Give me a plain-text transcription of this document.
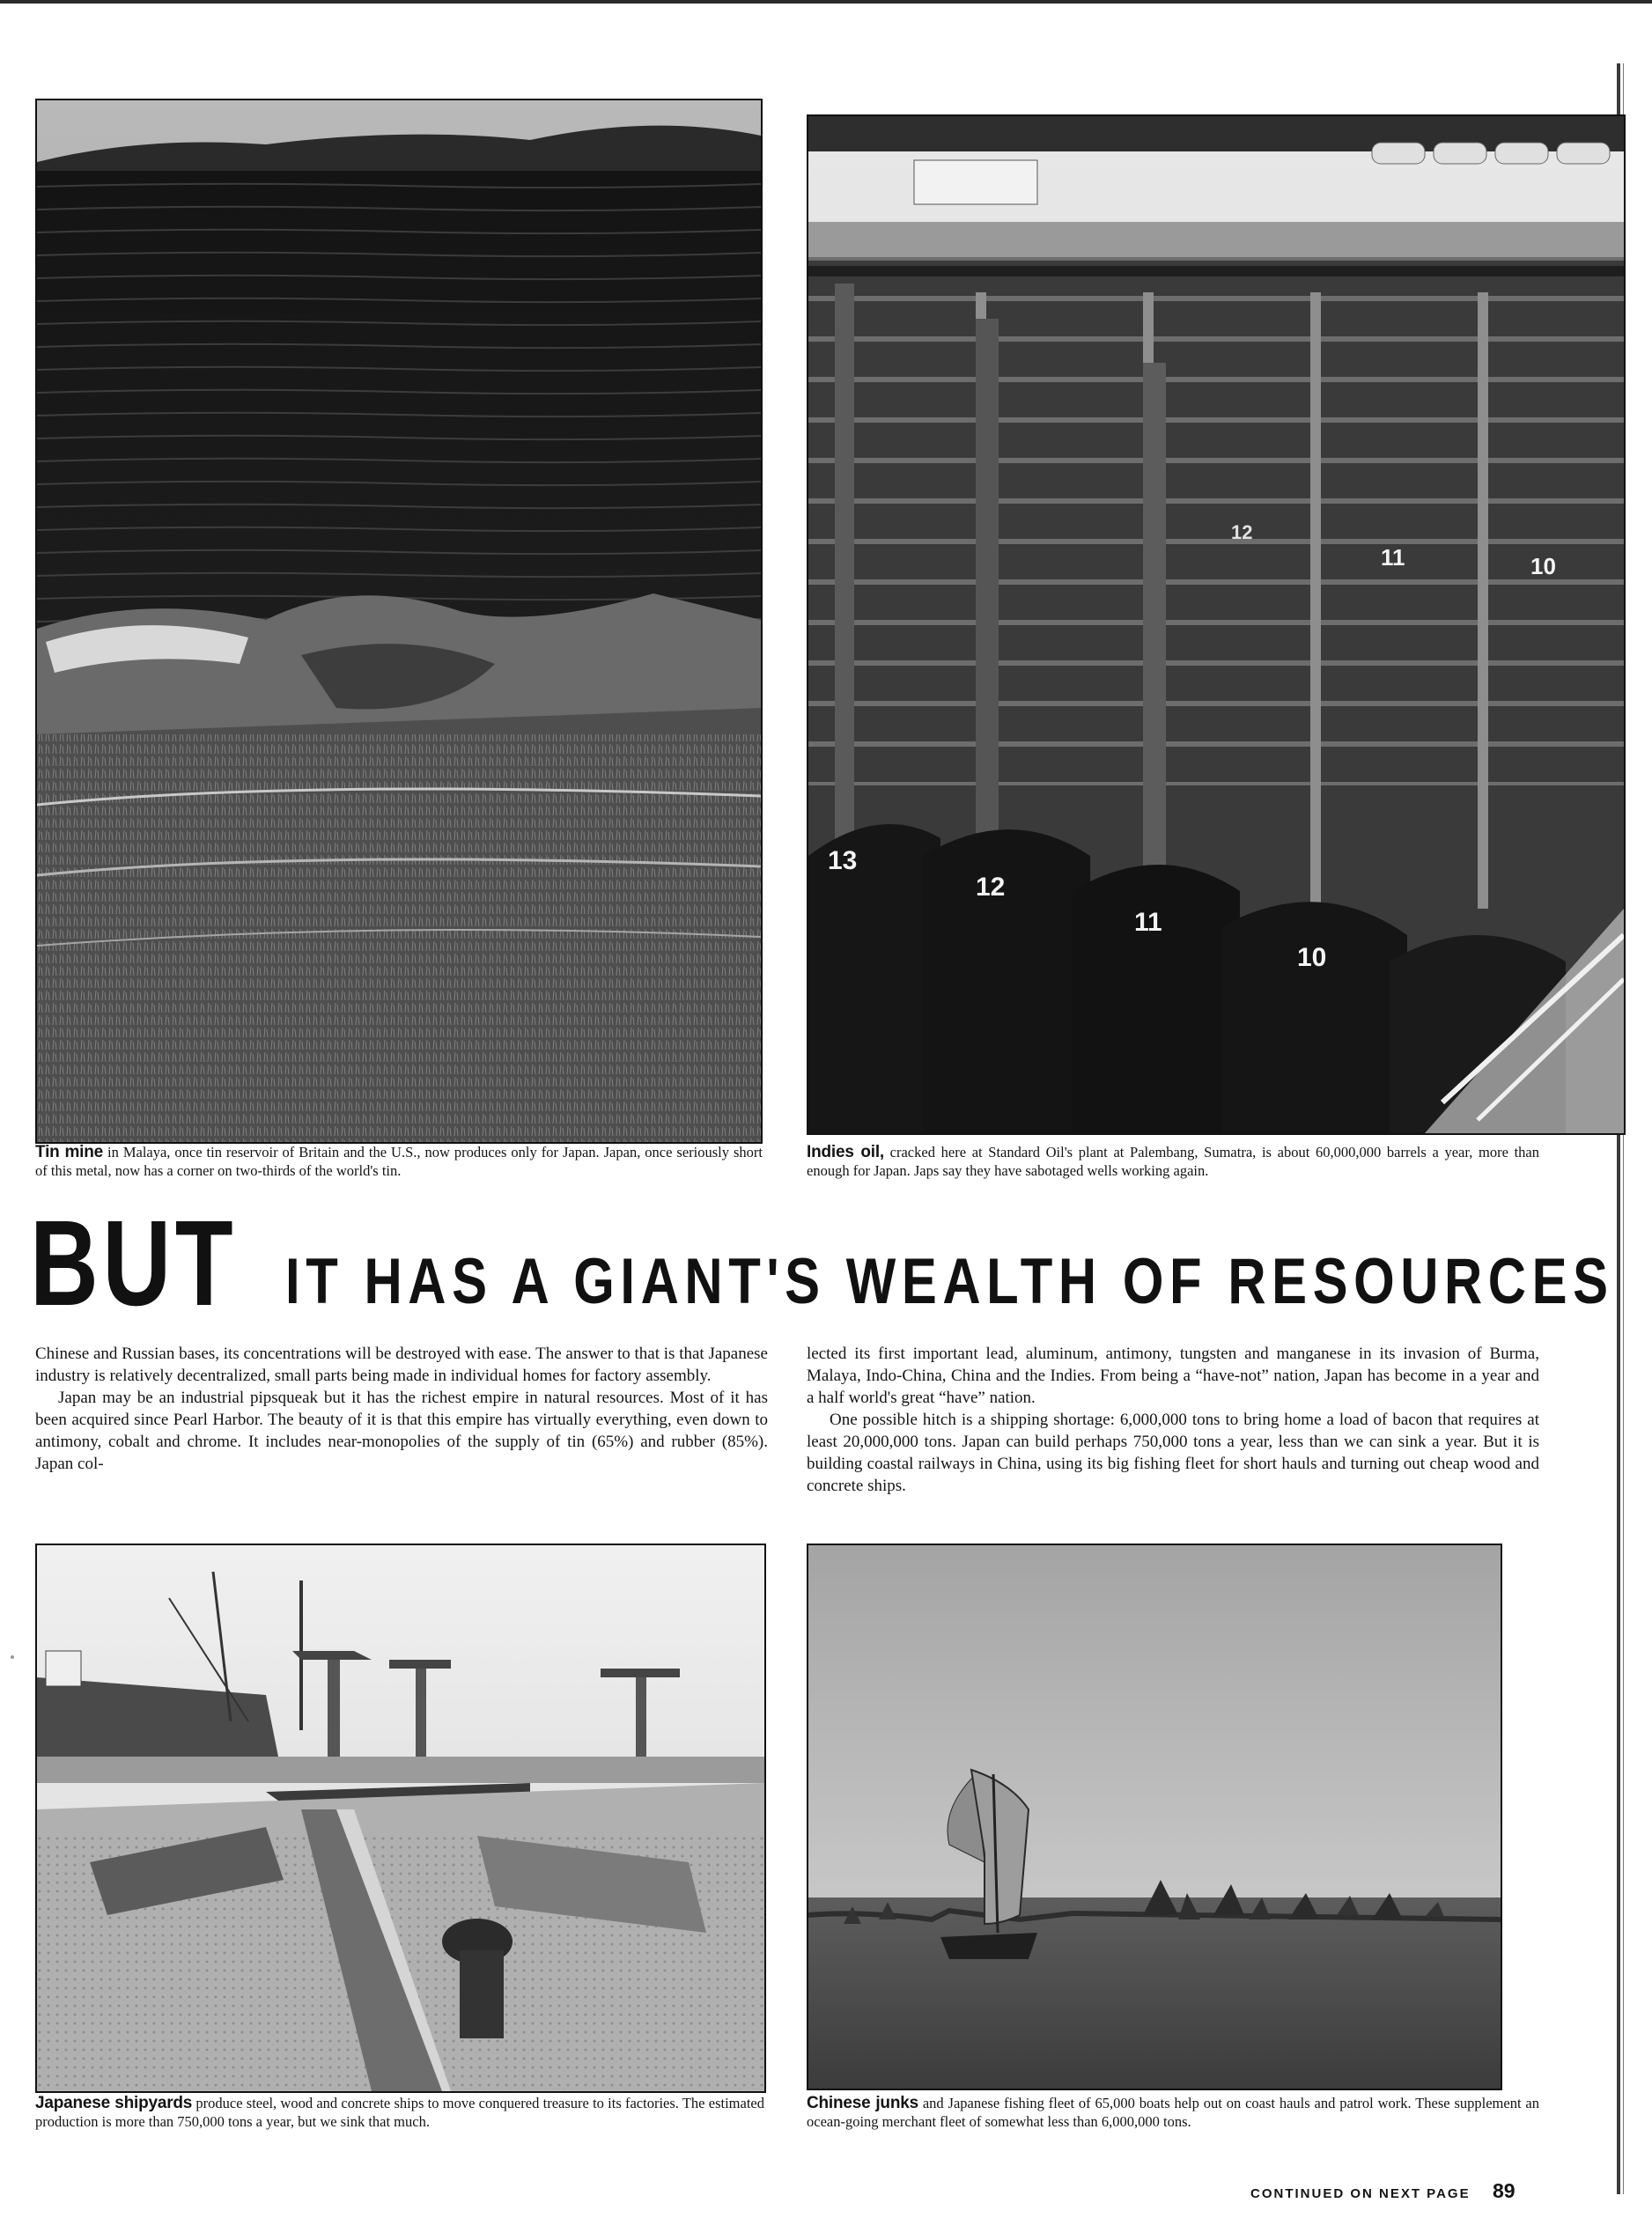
13
12
11
10
11	10
12
Tin mine in Malaya, once tin reservoir of Britain and the U.S., now produces only for Japan. Japan, once seriously short of this metal, now has a corner on two-thirds of the world's tin.
Indies oil, cracked here at Standard Oil's plant at Palembang, Sumatra, is about 60,000,000 barrels a year, more than enough for Japan. Japs say they have sabotaged wells working again.
BUT IT HAS A GIANT'S WEALTH OF RESOURCES

Chinese and Russian bases, its concentrations will be destroyed with ease. The answer to that is that Japanese industry is relatively decentralized, small parts being made in individual homes for factory assembly.

Japan may be an industrial pipsqueak but it has the richest empire in natural resources. Most of it has been acquired since Pearl Harbor. The beauty of it is that this empire has virtually everything, even down to antimony, cobalt and chrome. It includes near-monopolies of the supply of tin (65%) and rubber (85%). Japan col-

lected its first important lead, aluminum, antimony, tungsten and manganese in its invasion of Burma, Malaya, Indo-China, China and the Indies. From being a “have-not” nation, Japan has become in a year and a half world's great “have” nation.

One possible hitch is a shipping shortage: 6,000,000 tons to bring home a load of bacon that requires at least 20,000,000 tons. Japan can build perhaps 750,000 tons a year, less than we can sink a year. But it is building coastal railways in China, using its big fishing fleet for short hauls and turning out cheap wood and concrete ships.

Japanese shipyards produce steel, wood and concrete ships to move conquered treasure to its factories. The estimated production is more than 750,000 tons a year, but we sink that much.
Chinese junks and Japanese fishing fleet of 65,000 boats help out on coast hauls and patrol work. These supplement an ocean-going merchant fleet of somewhat less than 6,000,000 tons.
CONTINUED ON NEXT PAGE 89
